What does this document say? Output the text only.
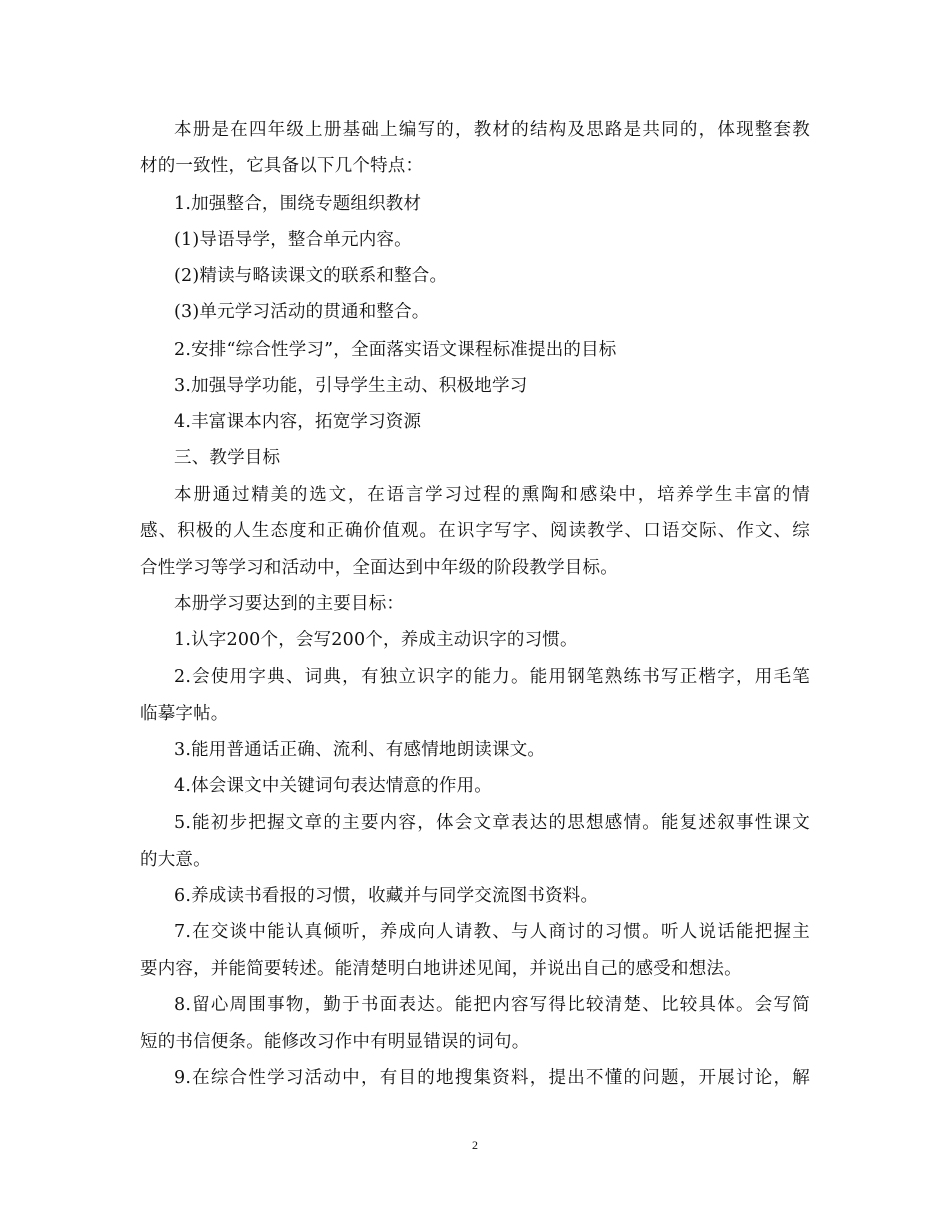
本册是在四年级上册基础上编写的，教材的结构及思路是共同的，体现整套教
材的一致性，它具备以下几个特点：
1.加强整合，围绕专题组织教材
(1)导语导学，整合单元内容。
(2)精读与略读课文的联系和整合。
(3)单元学习活动的贯通和整合。
2.安排“综合性学习”，全面落实语文课程标准提出的目标
3.加强导学功能，引导学生主动、积极地学习
4.丰富课本内容，拓宽学习资源
三、教学目标
本册通过精美的选文，在语言学习过程的熏陶和感染中，培养学生丰富的情
感、积极的人生态度和正确价值观。在识字写字、阅读教学、口语交际、作文、综
合性学习等学习和活动中，全面达到中年级的阶段教学目标。
本册学习要达到的主要目标：
1.认字200个，会写200个，养成主动识字的习惯。
2.会使用字典、词典，有独立识字的能力。能用钢笔熟练书写正楷字，用毛笔
临摹字帖。
3.能用普通话正确、流利、有感情地朗读课文。
4.体会课文中关键词句表达情意的作用。
5.能初步把握文章的主要内容，体会文章表达的思想感情。能复述叙事性课文
的大意。
6.养成读书看报的习惯，收藏并与同学交流图书资料。
7.在交谈中能认真倾听，养成向人请教、与人商讨的习惯。听人说话能把握主
要内容，并能简要转述。能清楚明白地讲述见闻，并说出自己的感受和想法。
8.留心周围事物，勤于书面表达。能把内容写得比较清楚、比较具体。会写简
短的书信便条。能修改习作中有明显错误的词句。
9.在综合性学习活动中，有目的地搜集资料，提出不懂的问题，开展讨论，解
2
